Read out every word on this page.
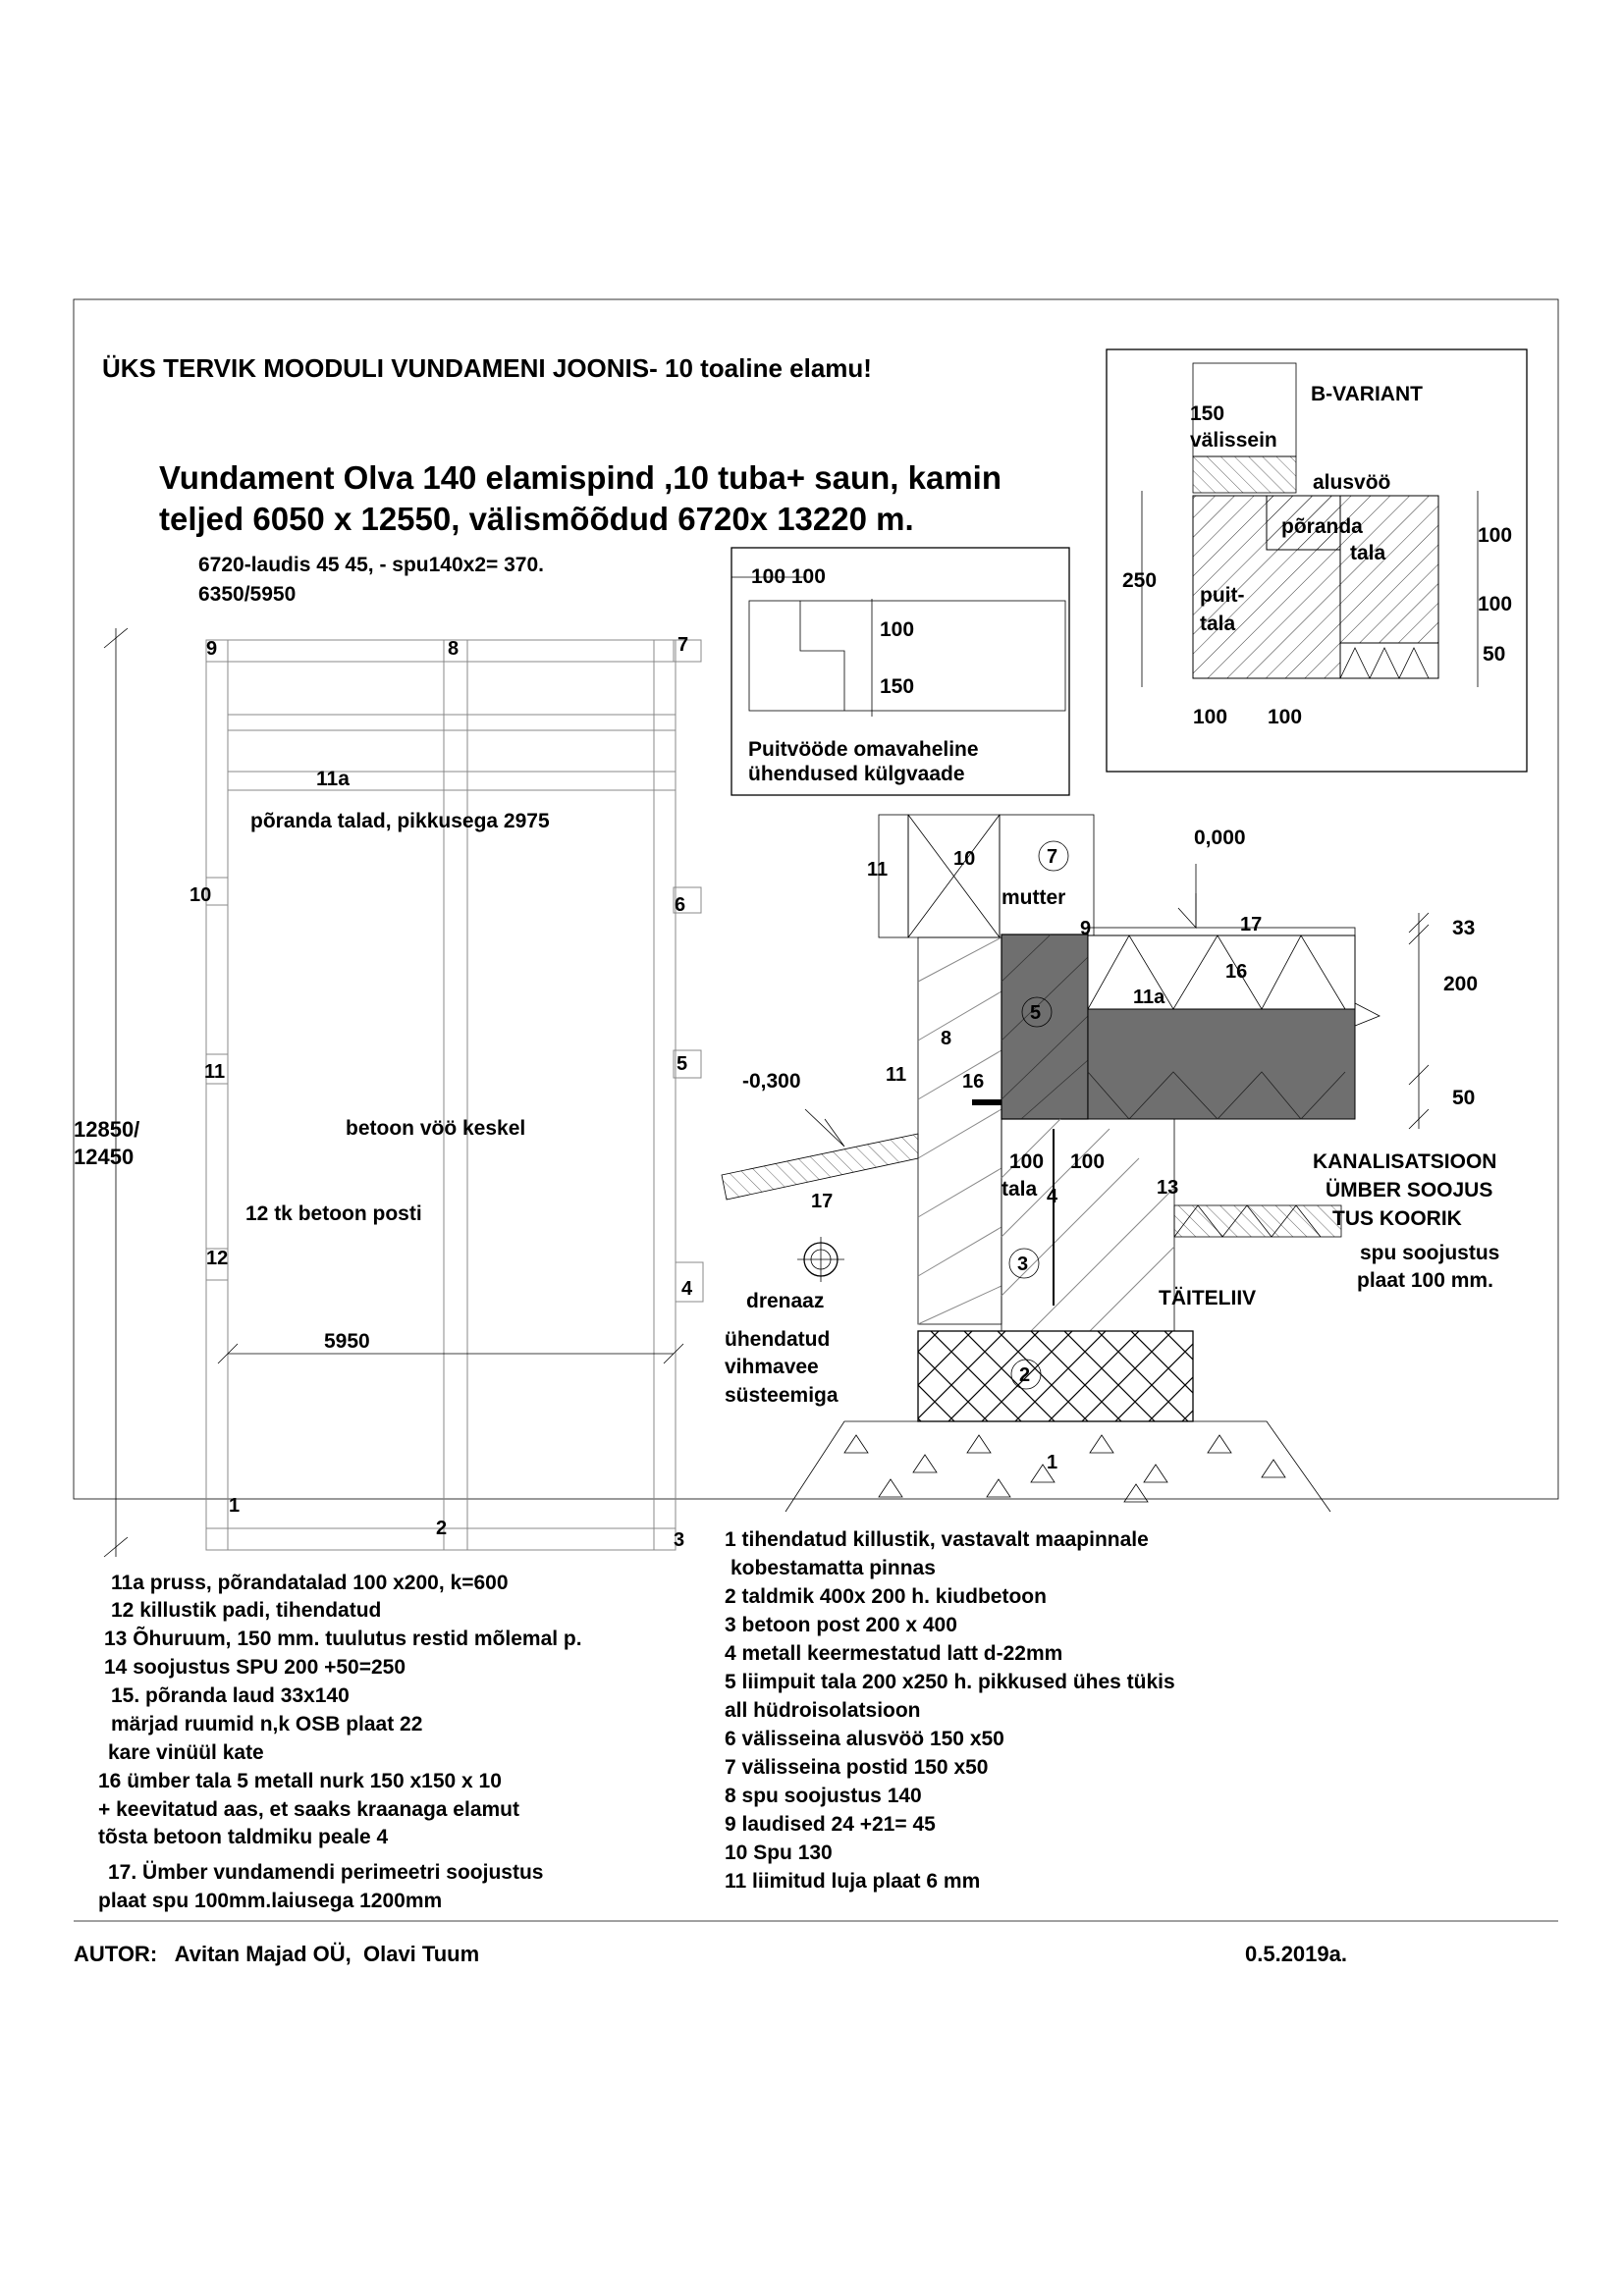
ÜKS TERVIK MOODULI VUNDAMENI JOONIS- 10 toaline elamu!
Vundament Olva 140 elamispind ,10 tuba+ saun, kamin
teljed 6050 x 12550, välismõõdud 6720x 13220 m.
6720-laudis 45 45, - spu140x2= 370.
6350/5950
12850/ 12450
5950
9	8	7
11a
põranda talad, pikkusega 2975
10	6
11	5
betoon vöö keskel
12 tk betoon posti
12
4
1
2
3
100 100
100
150
Puitvööde omavaheline
ühendused külgvaade
B-VARIANT
150
välissein
alusvöö
põranda
tala
250
puit-
tala
100
100
50
100 100
7
5
3
2
10
11
mutter
9
0,000
17
16
11a
8
11	16
-0,300
100 100
tala 4	13
17
drenaaz
ühendatud
vihmavee
süsteemiga
TÄITELIIV
1
33
200
50
KANALISATSIOON
ÜMBER SOOJUS
TUS KOORIK
spu soojustus
plaat 100 mm.
11a pruss, põrandatalad 100 x200, k=600
12 killustik padi, tihendatud
13 Õhuruum, 150 mm. tuulutus restid mõlemal p.
14 soojustus SPU 200 +50=250
15. põranda laud 33x140
märjad ruumid n,k OSB plaat 22
kare vinüül kate
16 ümber tala 5 metall nurk 150 x150 x 10
+ keevitatud aas, et saaks kraanaga elamut
tõsta betoon taldmiku peale 4
17. Ümber vundamendi perimeetri soojustus
plaat spu 100mm.laiusega 1200mm
1 tihendatud killustik, vastavalt maapinnale
kobestamatta pinnas
2 taldmik 400x 200 h. kiudbetoon
3 betoon post 200 x 400
4 metall keermestatud latt d-22mm
5 liimpuit tala 200 x250 h. pikkused ühes tükis
all hüdroisolatsioon
6 välisseina alusvöö 150 x50
7 välisseina postid 150 x50
8 spu soojustus 140
9 laudised 24 +21= 45
10 Spu 130
11 liimitud luja plaat 6 mm
AUTOR:   Avitan Majad OÜ,  Olavi Tuum	0.5.2019a.
